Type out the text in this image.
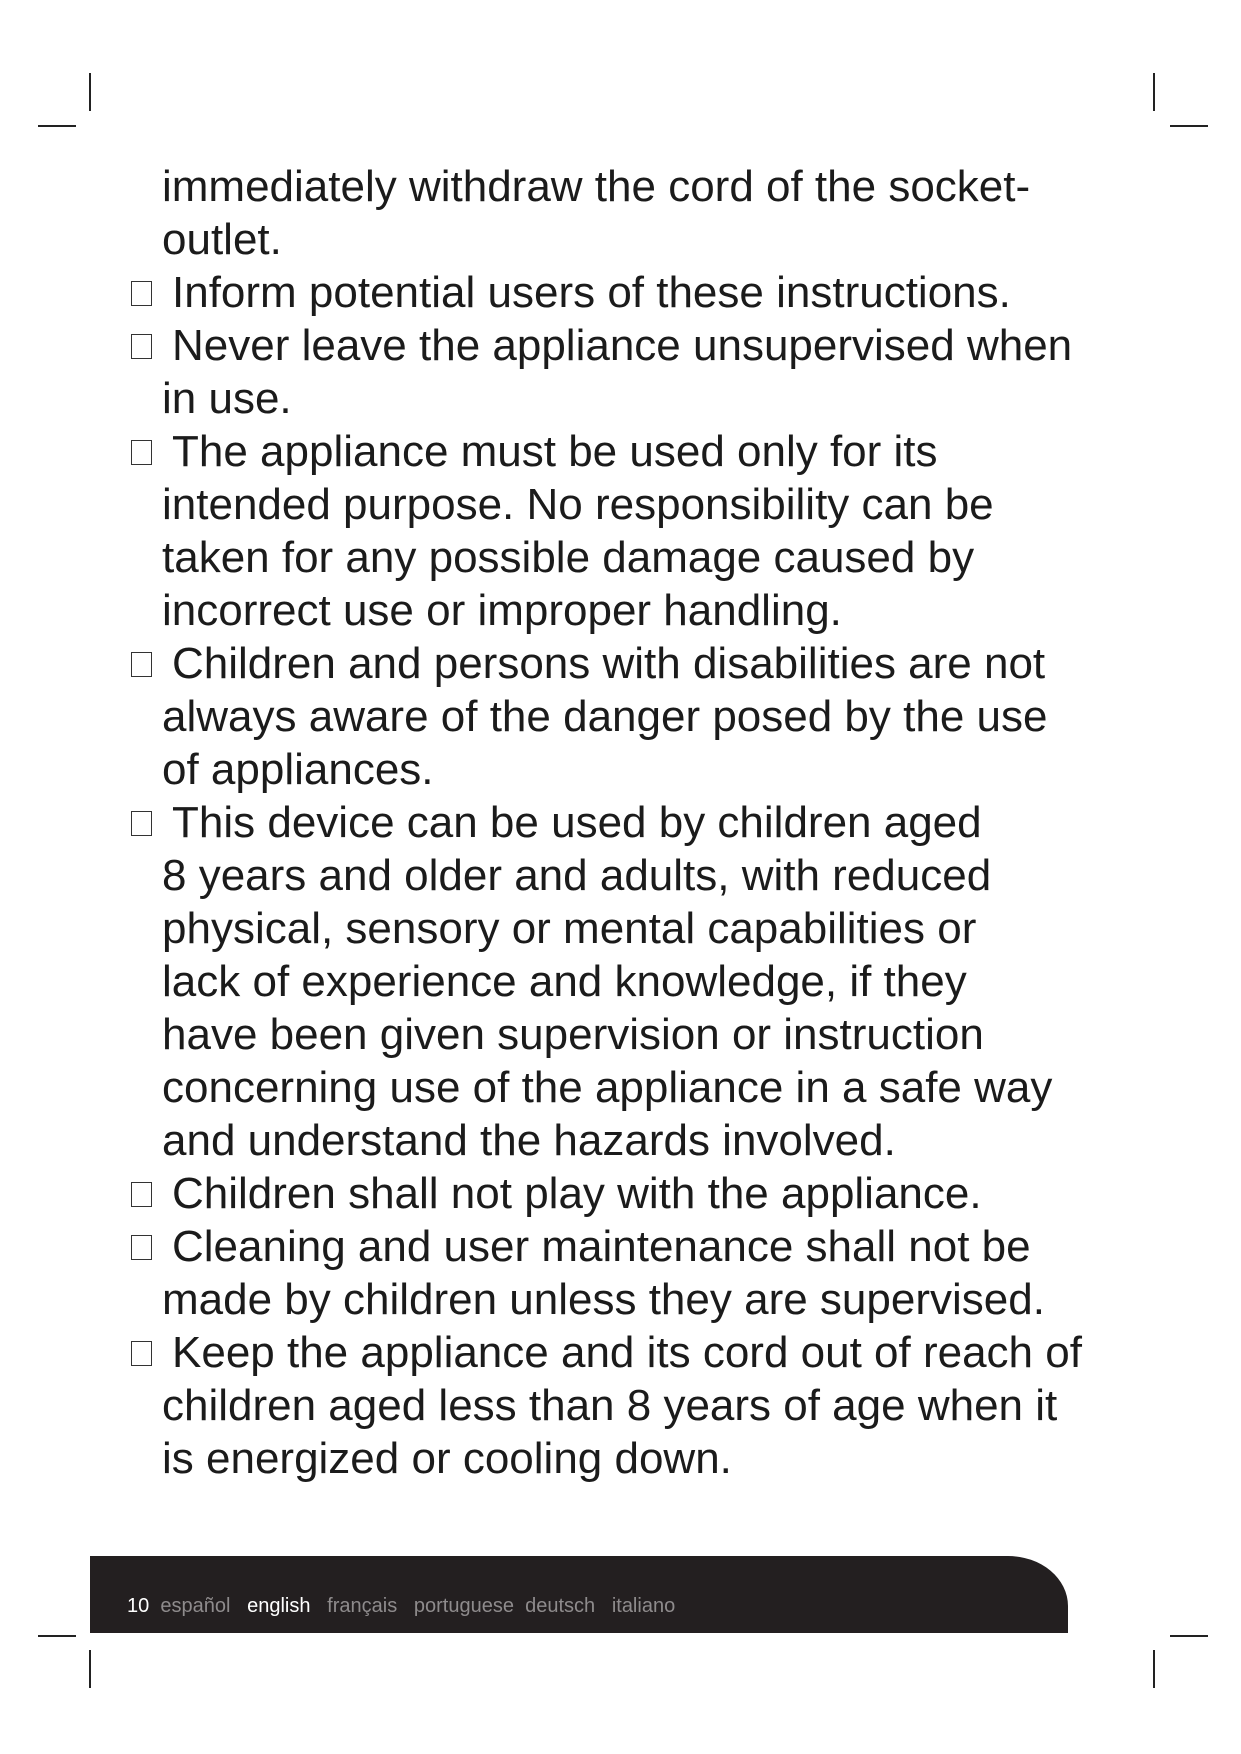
immediately withdraw the cord of the socket-
outlet.
Inform potential users of these instructions.
Never leave the appliance unsupervised when
in use.
The appliance must be used only for its
intended purpose. No responsibility can be
taken for any possible damage caused by
incorrect use or improper handling.
Children and persons with disabilities are not
always aware of the danger posed by the use
of appliances.
This device can be used by children aged
8 years and older and adults, with reduced
physical, sensory or mental capabilities or
lack of experience and knowledge, if they
have been given supervision or instruction
concerning use of the appliance in a safe way
and understand the hazards involved.
Children shall not play with the appliance.
Cleaning and user maintenance shall not be
made by children unless they are supervised.
Keep the appliance and its cord out of reach of
children aged less than 8 years of age when it
is energized or cooling down.
10 español english français portuguese deutsch italiano
